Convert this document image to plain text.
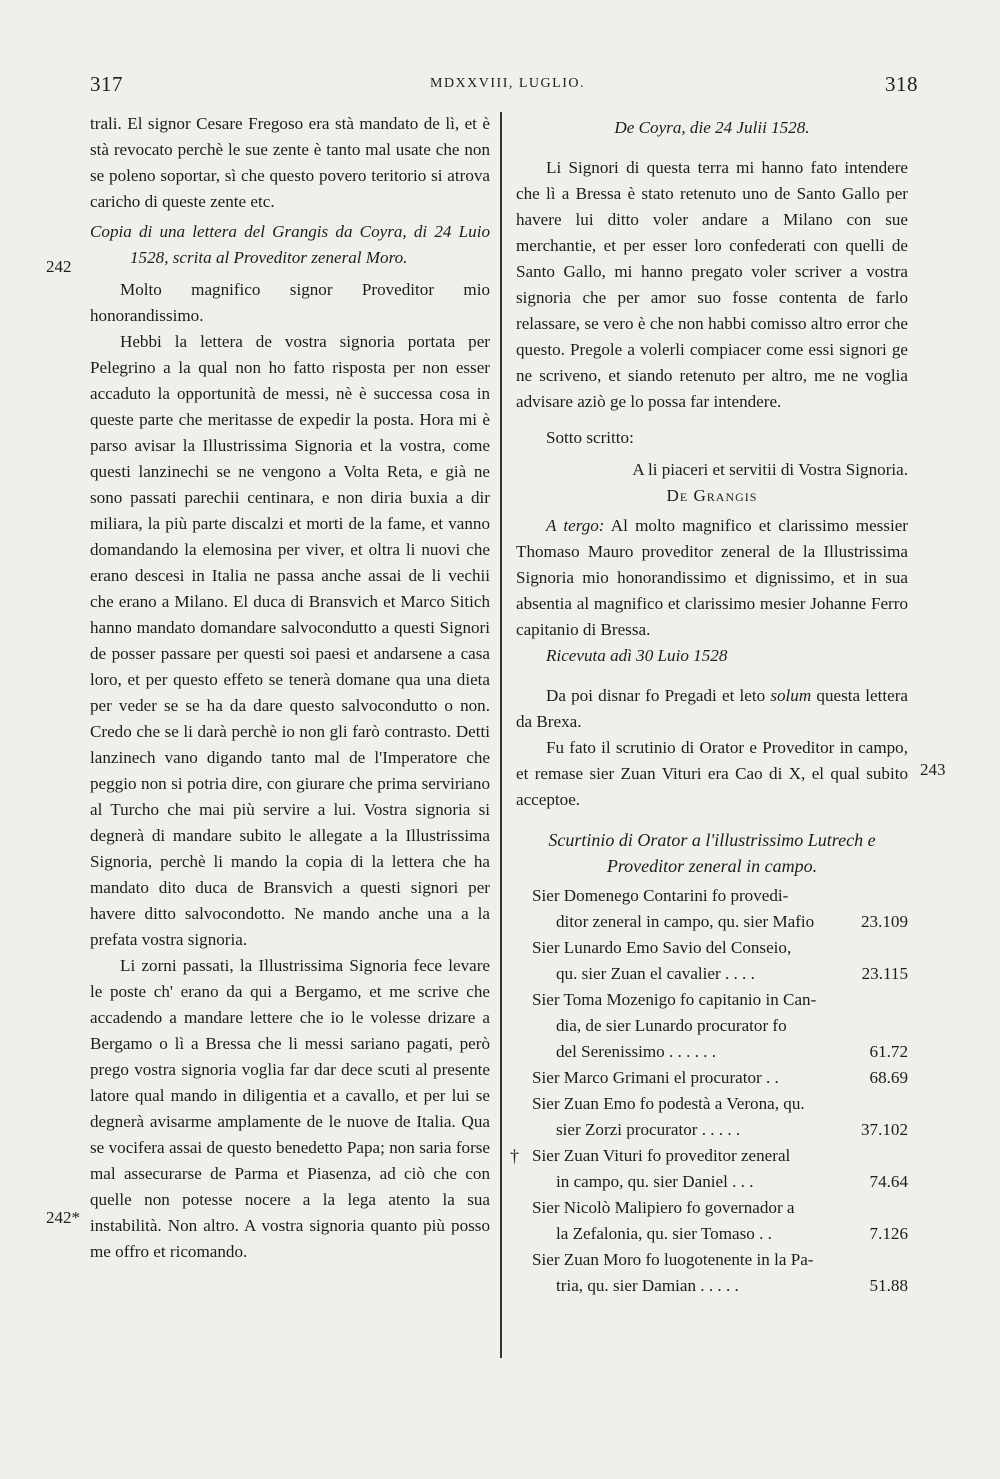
317	MDXXVIII, LUGLIO.	318
242
242*
243

trali. El signor Cesare Fregoso era stà mandato de lì, et è stà revocato perchè le sue zente è tanto mal usate che non se poleno soportar, sì che questo povero teritorio si atrova caricho di queste zente etc.

Copia di una lettera del Grangis da Coyra, di 24 Luio 1528, scrita al Proveditor zeneral Moro.

Molto magnifico signor Proveditor mio honorandissimo.

Hebbi la lettera de vostra signoria portata per Pelegrino a la qual non ho fatto risposta per non esser accaduto la opportunità de messi, nè è successa cosa in queste parte che meritasse de expedir la posta. Hora mi è parso avisar la Illustrissima Signoria et la vostra, come questi lanzinechi se ne vengono a Volta Reta, e già ne sono passati parechii centinara, e non diria buxia a dir miliara, la più parte discalzi et morti de la fame, et vanno domandando la elemosina per viver, et oltra li nuovi che erano descesi in Italia ne passa anche assai de li vechii che erano a Milano. El duca di Bransvich et Marco Sitich hanno mandato domandare salvocondutto a questi Signori de posser passare per questi soi paesi et andarsene a casa loro, et per questo effeto se tenerà domane qua una dieta per veder se se ha da dare questo salvocondutto o non. Credo che se li darà perchè io non gli farò contrasto. Detti lanzinech vano digando tanto mal de l'Imperatore che peggio non si potria dire, con giurare che prima serviriano al Turcho che mai più servire a lui. Vostra signoria si degnerà di mandare subito le allegate a la Illustrissima Signoria, perchè li mando la copia di la lettera che ha mandato dito duca de Bransvich a questi signori per havere ditto salvocondotto. Ne mando anche una a la prefata vostra signoria.

Li zorni passati, la Illustrissima Signoria fece levare le poste ch' erano da qui a Bergamo, et me scrive che accadendo a mandare lettere che io le volesse drizare a Bergamo o lì a Bressa che li messi sariano pagati, però prego vostra signoria voglia far dar dece scuti al presente latore qual mando in diligentia et a cavallo, et per lui se degnerà avisarme amplamente de le nuove de Italia. Qua se vocifera assai de questo benedetto Papa; non saria forse mal assecurarse de Parma et Piasenza, ad ciò che con quelle non potesse nocere a la lega atento la sua instabilità. Non altro. A vostra signoria quanto più posso me offro et ricomando.

De Coyra, die 24 Julii 1528.

Li Signori di questa terra mi hanno fato intendere che lì a Bressa è stato retenuto uno de Santo Gallo per havere lui ditto voler andare a Milano con sue merchantie, et per esser loro confederati con quelli de Santo Gallo, mi hanno pregato voler scriver a vostra signoria che per amor suo fosse contenta de farlo relassare, se vero è che non habbi comisso altro error che questo. Pregole a volerli compiacer come essi signori ge ne scriveno, et siando retenuto per altro, me ne voglia advisare aziò ge lo possa far intendere.

Sotto scritto:

A li piaceri et servitii di Vostra Signoria.

De Grangis

A tergo: Al molto magnifico et clarissimo messier Thomaso Mauro proveditor zeneral de la Illustrissima Signoria mio honorandissimo et dignissimo, et in sua absentia al magnifico et clarissimo mesier Johanne Ferro capitanio di Bressa.

Ricevuta adì 30 Luio 1528

Da poi disnar fo Pregadi et leto solum questa lettera da Brexa.

Fu fato il scrutinio di Orator e Proveditor in campo, et remase sier Zuan Vituri era Cao di X, el qual subito acceptoe.

Scurtinio di Orator a l'illustrissimo Lutrech e Proveditor zeneral in campo.

Sier Domenego Contarini fo provedi-
ditor zeneral in campo, qu. sier Mafio	23.109
Sier Lunardo Emo Savio del Conseio,
qu. sier Zuan el cavalier . . . .	23.115
Sier Toma Mozenigo fo capitanio in Can-
dia, de sier Lunardo procurator fo
del Serenissimo . . . . . .	61.72
Sier Marco Grimani el procurator . .	68.69
Sier Zuan Emo fo podestà a Verona, qu.
sier Zorzi procurator . . . . .	37.102
† Sier Zuan Vituri fo proveditor zeneral
in campo, qu. sier Daniel . . .	74.64
Sier Nicolò Malipiero fo governador a
la Zefalonia, qu. sier Tomaso . .	7.126
Sier Zuan Moro fo luogotenente in la Pa-
tria, qu. sier Damian . . . . .	51.88
